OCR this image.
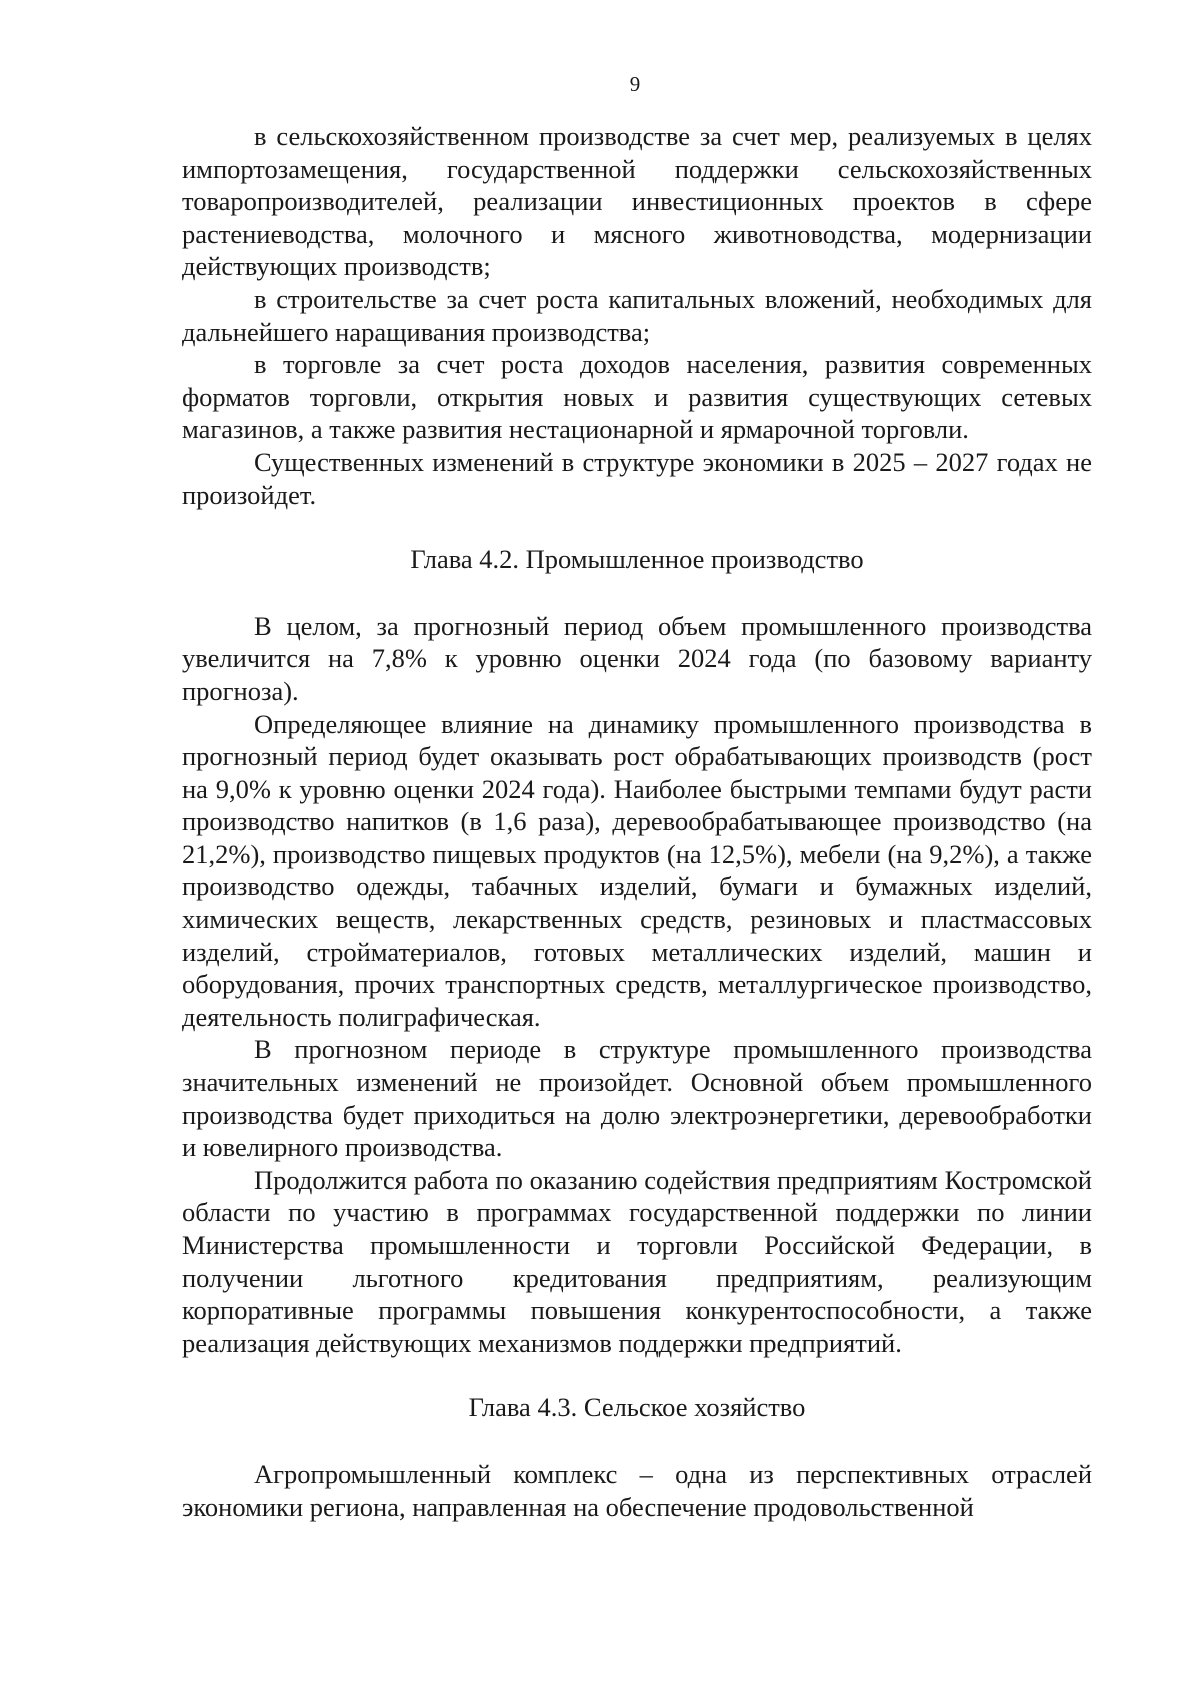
9

в сельскохозяйственном производстве за счет мер, реализуемых в целях импортозамещения, государственной поддержки сельскохозяйственных товаропроизводителей, реализации инвестиционных проектов в сфере растениеводства, молочного и мясного животноводства, модернизации действующих производств;

в строительстве за счет роста капитальных вложений, необходимых для дальнейшего наращивания производства;

в торговле за счет роста доходов населения, развития современных форматов торговли, открытия новых и развития существующих сетевых магазинов, а также развития нестационарной и ярмарочной торговли.

Существенных изменений в структуре экономики в 2025 – 2027 годах не произойдет.

Глава 4.2. Промышленное производство

В целом, за прогнозный период объем промышленного производства увеличится на 7,8% к уровню оценки 2024 года (по базовому варианту прогноза).

Определяющее влияние на динамику промышленного производства в прогнозный период будет оказывать рост обрабатывающих производств (рост на 9,0% к уровню оценки 2024 года). Наиболее быстрыми темпами будут расти производство напитков (в 1,6 раза), деревообрабатывающее производство (на 21,2%), производство пищевых продуктов (на 12,5%), мебели (на 9,2%), а также производство одежды, табачных изделий, бумаги и бумажных изделий, химических веществ, лекарственных средств, резиновых и пластмассовых изделий, стройматериалов, готовых металлических изделий, машин и оборудования, прочих транспортных средств, металлургическое производство, деятельность полиграфическая.

В прогнозном периоде в структуре промышленного производства значительных изменений не произойдет. Основной объем промышленного производства будет приходиться на долю электроэнергетики, деревообработки и ювелирного производства.

Продолжится работа по оказанию содействия предприятиям Костромской области по участию в программах государственной поддержки по линии Министерства промышленности и торговли Российской Федерации, в получении льготного кредитования предприятиям, реализующим корпоративные программы повышения конкурентоспособности, а также реализация действующих механизмов поддержки предприятий.

Глава 4.3. Сельское хозяйство

Агропромышленный комплекс – одна из перспективных отраслей экономики региона, направленная на обеспечение продовольственной
